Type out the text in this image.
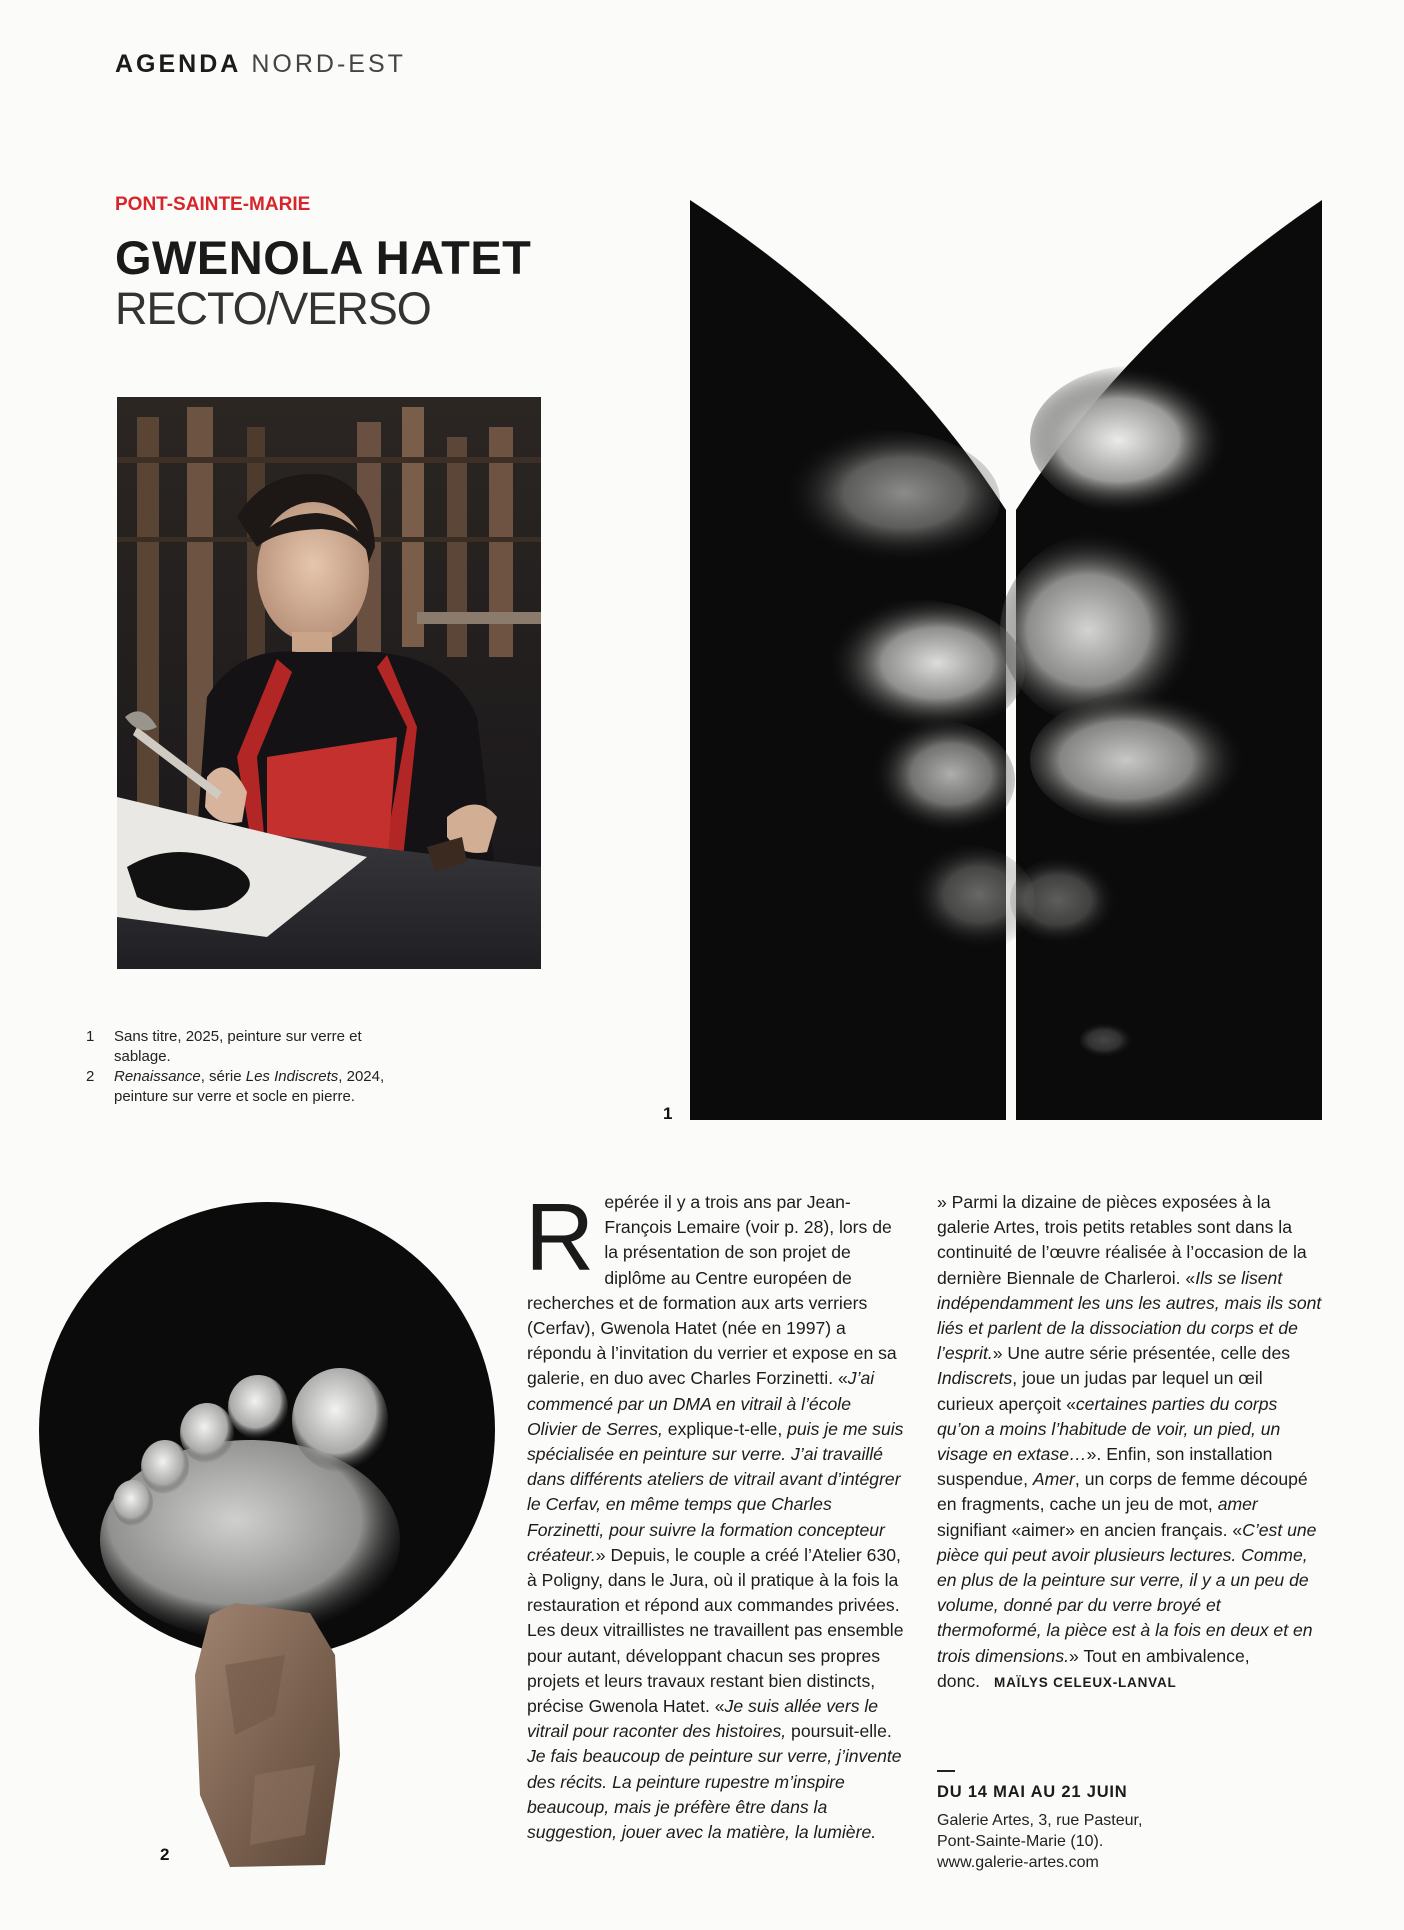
AGENDA NORD-EST
PONT-SAINTE-MARIE
GWENOLA HATET
RECTO/VERSO
1
1	Sans titre, 2025, peinture sur verre et sablage.
2	Renaissance, série Les Indiscrets, 2024, peinture sur verre et socle en pierre.
2

Repérée il y a trois ans par Jean-François Lemaire (voir p. 28), lors de la présentation de son projet de diplôme au Centre européen de recherches et de formation aux arts verriers (Cerfav), Gwenola Hatet (née en 1997) a répondu à l’invitation du verrier et expose en sa galerie, en duo avec Charles Forzinetti. «J’ai commencé par un DMA en vitrail à l’école Olivier de Serres, explique-t-elle, puis je me suis spécialisée en peinture sur verre. J’ai travaillé dans différents ateliers de vitrail avant d’intégrer le Cerfav, en même temps que Charles Forzinetti, pour suivre la formation concepteur créateur.» Depuis, le couple a créé l’Atelier 630, à Poligny, dans le Jura, où il pratique à la fois la restauration et répond aux commandes privées. Les deux vitraillistes ne travaillent pas ensemble pour autant, développant chacun ses propres projets et leurs travaux restant bien distincts, précise Gwenola Hatet. «Je suis allée vers le vitrail pour raconter des histoires, poursuit-elle. Je fais beaucoup de peinture sur verre, j’invente des récits. La peinture rupestre m’inspire beaucoup, mais je préfère être dans la suggestion, jouer avec la matière, la lumière.

» Parmi la dizaine de pièces exposées à la galerie Artes, trois petits retables sont dans la continuité de l’œuvre réalisée à l’occasion de la dernière Biennale de Charleroi. «Ils se lisent indépendamment les uns les autres, mais ils sont liés et parlent de la dissociation du corps et de l’esprit.» Une autre série présentée, celle des Indiscrets, joue un judas par lequel un œil curieux aperçoit «certaines parties du corps qu’on a moins l’habitude de voir, un pied, un visage en extase…». Enfin, son installation suspendue, Amer, un corps de femme découpé en fragments, cache un jeu de mot, amer signifiant «aimer» en ancien français. «C’est une pièce qui peut avoir plusieurs lectures. Comme, en plus de la peinture sur verre, il y a un peu de volume, donné par du verre broyé et thermoformé, la pièce est à la fois en deux et en trois dimensions.» Tout en ambivalence, donc. MAÏLYS CELEUX-LANVAL

DU 14 MAI AU 21 JUIN
Galerie Artes, 3, rue Pasteur,
Pont-Sainte-Marie (10).
www.galerie-artes.com
